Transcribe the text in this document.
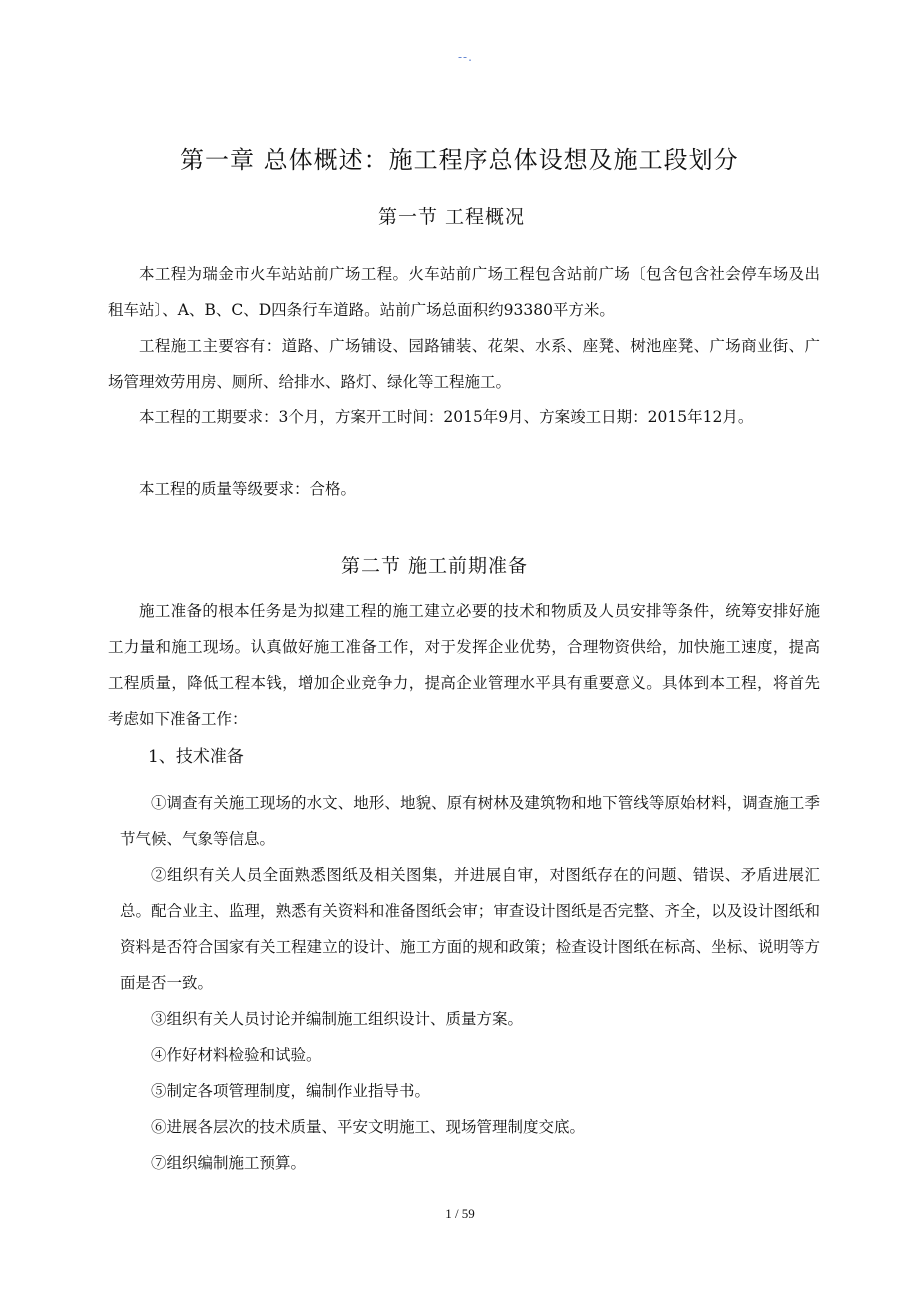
--.
第一章 总体概述：施工程序总体设想及施工段划分
第一节 工程概况

本工程为瑞金市火车站站前广场工程。火车站前广场工程包含站前广场〔包含包含社会停车场及出租车站〕、A、B、C、D四条行车道路。站前广场总面积约93380平方米。

工程施工主要容有：道路、广场铺设、园路铺装、花架、水系、座凳、树池座凳、广场商业街、广场管理效劳用房、厕所、给排水、路灯、绿化等工程施工。

本工程的工期要求：3个月，方案开工时间：2015年9月、方案竣工日期：2015年12月。

本工程的质量等级要求：合格。

第二节 施工前期准备

施工准备的根本任务是为拟建工程的施工建立必要的技术和物质及人员安排等条件，统筹安排好施工力量和施工现场。认真做好施工准备工作，对于发挥企业优势，合理物资供给，加快施工速度，提高工程质量，降低工程本钱，增加企业竞争力，提高企业管理水平具有重要意义。具体到本工程，将首先考虑如下准备工作：

1、技术准备

①调查有关施工现场的水文、地形、地貌、原有树林及建筑物和地下管线等原始材料，调查施工季节气候、气象等信息。

②组织有关人员全面熟悉图纸及相关图集，并进展自审，对图纸存在的问题、错误、矛盾进展汇总。配合业主、监理，熟悉有关资料和准备图纸会审；审查设计图纸是否完整、齐全，以及设计图纸和资料是否符合国家有关工程建立的设计、施工方面的规和政策；检查设计图纸在标高、坐标、说明等方面是否一致。

③组织有关人员讨论并编制施工组织设计、质量方案。

④作好材料检验和试验。

⑤制定各项管理制度，编制作业指导书。

⑥进展各层次的技术质量、平安文明施工、现场管理制度交底。

⑦组织编制施工预算。

1 / 59
